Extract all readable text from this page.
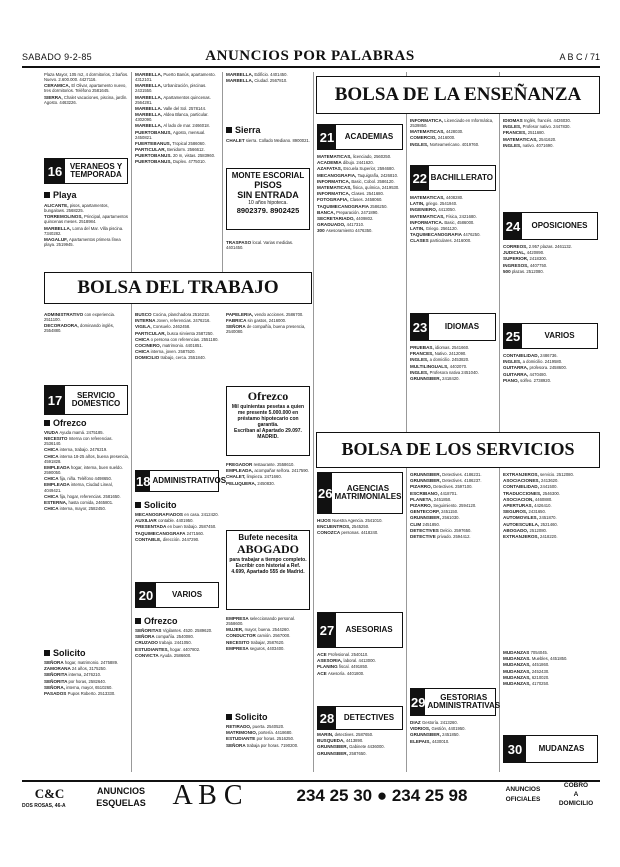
SABADO 9-2-85	ANUNCIOS POR PALABRAS	A B C / 71

Plaza Mayor, 105 m2, 4 dormitorios, 2 baños. Nuevo. 2.600.000. 4427116.

CERAMICA, El Olivar, apartamento nuevo, tres dormitorios. Teléfono 2581645.

SIERRA, Chalet vacaciones, piscina, jardín. Agosto. 4463226.

16 VERANEOS Y TEMPORADA
Playa

ALICANTE, pisos, apartamentos, bungalows. 2568225.

TORREMOLINOS, Principal, apartamentos quincenas meses. 2518984.

MARBELLA, Loma del Mar. Villa piscina. 7340282.

MAGALUF, Apartamentos primera línea playa. 2519945.

ADMINISTRATIVO con experiencia. 2511100.

DECORADORA, dominando inglés, 2554880.

17	SERVICIO DOMESTICO
Ofrezco

VIUDA Ayuda mamá. 2475185.

NECESITO Interna con referencias. 2536140.

CHICA interna, trabajo. 2476219.

CHICA interna 18-25 años, buena presencia, 4591828.

EMPLEADA hogar, interna, buen sueldo. 2590050.

CHICA fija, niña. Teléfono 4498650.

EMPLEADA interna, Ciudad Lineal, 4049421.

CHICA fija, hogar, referencias. 2581650.

ESTERNA, hasta comida, 2465801.

CHICA interna, mayor, 2582450.

Solicito

SEÑORA hogar, matrimonio. 2475889.

ZAMORANA 24 años, 3175250.

SEÑORITA interna, 2476210.

SEÑORITA por horas, 2582640.

SEÑORA, interna, mayor, 6510260.

PASADOS Pupos Roberto. 2513330.

MARBELLA, Puerto Banús, apartamento. 4312101.

MARBELLA, Urbanización, piscinas. 2431550.

MARBELLA, Apartamentos quincenas. 2564281.

MARBELLA. Valle del Sol. 2578144.

MARBELLA, Aldea Blanca, particular. 4302090.

MARBELLA, Al lado de mar. 2466018.

PUERTOBANUS, Agosto, mensual. 2450821.

FUERTEBANUS, Tropical 2586060.

PARTICULAR, Benidorm. 2566612.

PUERTOBANUS. 20 m, vistas. 2583960.

PUERTOBANUS, Duplex. 4775010.

BUSCO Cocina, planchadora 2516218.

INTERNA Joven, referencias. 2476216.

VIGILA, Consuelo. 2462458.

PARTICULAR, busca sirvienta 2587250.

CHICA o persona con referencias. 2551180.

COCINERO, matrimonio. 4401851.

CHICA interna, joven. 2587520.

DOMICILIO trabajo, cerca. 2551840.

18 ADMINISTRATIVOS
Solicito

MECANOGRAFIADOS en casa. 2412420.

AUXILIAR contable. 4401950.

PRESENTADA en buen trabajo. 2587450.

TAQUIMECANOGRAFA 2471560.

CONTABLE, dirección. 2447290.

20	VARIOS
Ofrezco

SEÑORITAS Vigilantes. 4520. 2589620.

SEÑORA compañía. 2540080.

CRUZADO trabajo. 2441050.

ESTUDIANTES, hogar. 4407802.

CONVICTA Ayuda. 2586600.

MARBELLA, Edificio. 4401450.

MARBELLA, Ciudad. 2567810.

Sierra

CHALET sierra. Collado Mediano. 8900021.

MONTE ESCORIAL
PISOS
SIN ENTRADA
10 años hipoteca.
8902379. 8902425

TRASPASO local. Varias medidas. 4401450.

PAPELERIA, vendo acciones. 2586700.

FABRICA sin gastos, 2416000.

SEÑORA de compañía, buena presencia, 2540080.

Ofrezco
Mil quinientas pesetas a quien me presente 5.000.000 en préstamo hipotecario con garantía.
Escriban al Apartado 29.097. MADRID.

FREGADOR restaurante. 2558610.

EMPLEADA, acompañar señora. 2417590.

CHALET, limpieza. 2471660.

PELUQUERA, 2450830.

Bufete necesita
ABOGADO
para trabajar a tiempo completo. Escribir con historial a Ref. 4.699, Apartado 555 de Madrid.

EMPRESA seleccionando personal. 2558600.

MUJER, mayor, buena. 2544260.

CONDUCTOR camión. 2567000.

NECESITO trabajar, 2587620.

EMPRESA seguros, 4403400.

Solicito

RETIRADO, puerta. 2540520.

MATRIMONIO, portería. 4418680.

ESTUDIANTE por horas. 2516250.

SEÑORA trabaja por horas. 7190200.

BOLSA DE LA ENSEÑANZA
BOLSA DEL TRABAJO
BOLSA DE LOS SERVICIOS
21	ACADEMIAS

MATEMATICAS, licenciado, 2560250.

ACADEMIA dibujo. 2441620.

AZAFATAS, Escuela Superior, 2594680.

MECANOGRAFIA, Taquigrafía, 2426810.

INFORMATICA, Basic, Cobol. 2586120.

MATEMATICAS, física, química, 2419530.

INFORMATICA, Clases. 2541680.

FOTOGRAFIA, Clases. 2458060.

TAQUIMECANOGRAFIA 2586250.

BANCA, Preparación. 2471890.

SECRETARIADO, 4409802.

GRADUADO, 4417310.

300 Asesoramiento 4476350.

26	AGENCIAS MATRIMONIALES

HIJOS Nuestra Agencia. 2541010.

ENCUENTROS, 2545250.

CONOZCA personas. 4418240.

27	ASESORIAS

ACE Profesional. 2540110.

ASESORIA, laboral. 4413000.

PLANING fiscal. 4491850.

ACE Asesoría. 4401800.

28	DETECTIVES

MARIN, detectives. 2587650.

BUSQUEDA, 4413890.

GRUNNSBER, Gabinete 4436000.

GRUNNSBER, 2587650.

INFORMATICA, Licenciado en Informática, 2539850.

MATEMATICAS, 4428030.

COMERCIO, 2416000.

INGLES, Norteamericano. 4019760.

22 BACHILLERATO

MATEMATICAS, 4408280.

LATIN, griego. 2541940.

INGENIERO, 4413050.

MATEMATICAS, Física, 2421680.

INFORMATICA. Basic, 4586000.

LATIN, Griego. 2561120.

TAQUIMECANOGRAFIA 4476250.

CLASES particulares. 2416000.

23	IDIOMAS

PRUEBAS, idiomas. 2541660.

FRANCES, Nativo. 2412090.

INGLES, a domicilio. 2453820.

MULTILINGUALS, 4402070.

INGLES, Profesora nativa 2451040.

GRUNNSBER, 2418420.

GRUNNSBER, Detectives. 4186231.

GRUNNSBER, Detectives. 4186237.

PIZARRO, Detectives. 2597100.

ESCRIBANO, 4418701.

PLANETA, 2451850.

PIZARRO, Seguimiento. 2594120.

GENTECORP, 2451150.

GRUNNSBER, 2561030.

CLIM 2451850.

DETECTIVES Delcio. 2597650.

DETECTIVE privado. 2594412.

29	GESTORIAS ADMINISTRATIVAS

DIAZ Gestoría. 2413260.

VIDRIOS, Gestión, 4401950.

GRUNNSBER, 2451850.

ELEPAIS, 4430010.

IDIOMAS Inglés, francés. 4426030.

INGLES, Profesor nativo. 2447830.

FRANCES, 2511680.

MATEMATICAS, 2541620.

INGLES, nativo. 4071690.

24	OPOSICIONES

CORREOS, 2.957 plazas. 2461132.

JUDICIAL, 4420890.

SUPERIOR, 2418300.

INGRESOS, 4407750.

500 plazas. 2512080.

25	VARIOS

CONTABILIDAD, 2486736.

INGLES, a domicilio. 2419580.

GUITARRA, profesora. 2458600.

GUITARRA, 4470480.

PIANO, solfeo. 2738920.

EXTRANJEROS, servicio. 2512080.

ASOCIACIONES, 2413620.

CONTABILIDAD, 2441500.

TRADUCCIONES, 2546300.

ASOCIACION, 4460880.

APERTURAS, 4426410.

SEGUROS, 2431650.

AUTOMOVILES, 2451870.

AUTOESCUELA, 2521460.

ABOGADO, 2512080.

EXTRANJEROS, 2418220.

30	MUDANZAS

MUDANZAS 7054045.

MUDANZAS. Muebles, 4451850.

MUDANZAS, 4451860.

MUDANZAS, 2452430.

MUDANZAS, 6210020.

MUDANZAS, 4170250.

C&C
DOS ROSAS, 46-A
ANUNCIOS
ESQUELAS A B C	234 25 30 ● 234 25 98	ANUNCIOS
OFICIALES
COBRO
A
DOMICILIO
